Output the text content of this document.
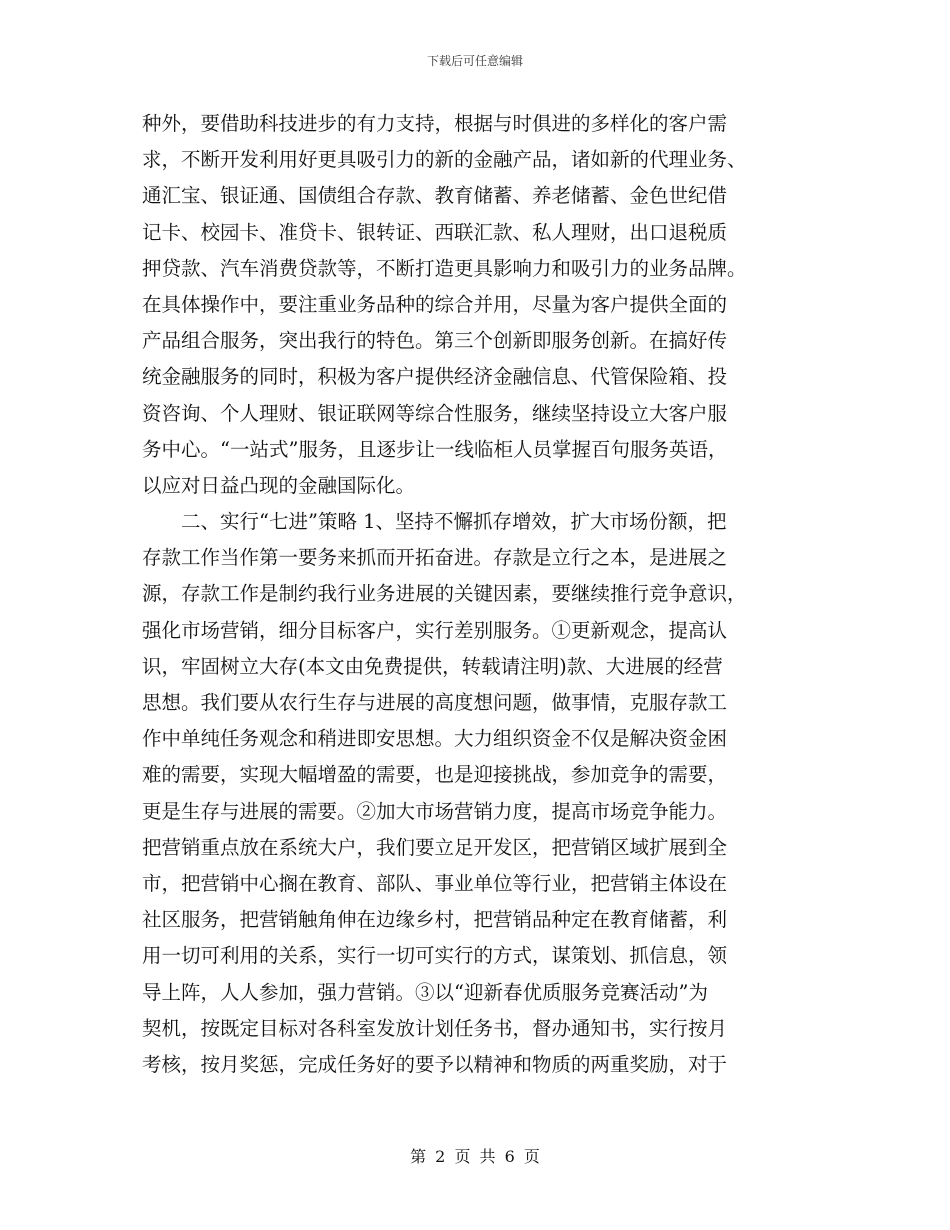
下载后可任意编辑
种外，要借助科技进步的有力支持，根据与时俱进的多样化的客户需
求，不断开发利用好更具吸引力的新的金融产品，诸如新的代理业务、
通汇宝、银证通、国债组合存款、教育储蓄、养老储蓄、金色世纪借
记卡、校园卡、准贷卡、银转证、西联汇款、私人理财，出口退税质
押贷款、汽车消费贷款等，不断打造更具影响力和吸引力的业务品牌。
在具体操作中，要注重业务品种的综合并用，尽量为客户提供全面的
产品组合服务，突出我行的特色。第三个创新即服务创新。在搞好传
统金融服务的同时，积极为客户提供经济金融信息、代管保险箱、投
资咨询、个人理财、银证联网等综合性服务，继续坚持设立大客户服
务中心。“一站式”服务，且逐步让一线临柜人员掌握百句服务英语，
以应对日益凸现的金融国际化。
二、实行“七进”策略 1、坚持不懈抓存增效，扩大市场份额，把
存款工作当作第一要务来抓而开拓奋进。存款是立行之本，是进展之
源，存款工作是制约我行业务进展的关键因素，要继续推行竞争意识，
强化市场营销，细分目标客户，实行差别服务。①更新观念，提高认
识，牢固树立大存(本文由免费提供，转载请注明)款、大进展的经营
思想。我们要从农行生存与进展的高度想问题，做事情，克服存款工
作中单纯任务观念和稍进即安思想。大力组织资金不仅是解决资金困
难的需要，实现大幅增盈的需要，也是迎接挑战，参加竞争的需要，
更是生存与进展的需要。②加大市场营销力度，提高市场竞争能力。
把营销重点放在系统大户，我们要立足开发区，把营销区域扩展到全
市，把营销中心搁在教育、部队、事业单位等行业，把营销主体设在
社区服务，把营销触角伸在边缘乡村，把营销品种定在教育储蓄，利
用一切可利用的关系，实行一切可实行的方式，谋策划、抓信息，领
导上阵，人人参加，强力营销。③以“迎新春优质服务竞赛活动”为
契机，按既定目标对各科室发放计划任务书，督办通知书，实行按月
考核，按月奖惩，完成任务好的要予以精神和物质的两重奖励，对于
第 2 页 共 6 页
